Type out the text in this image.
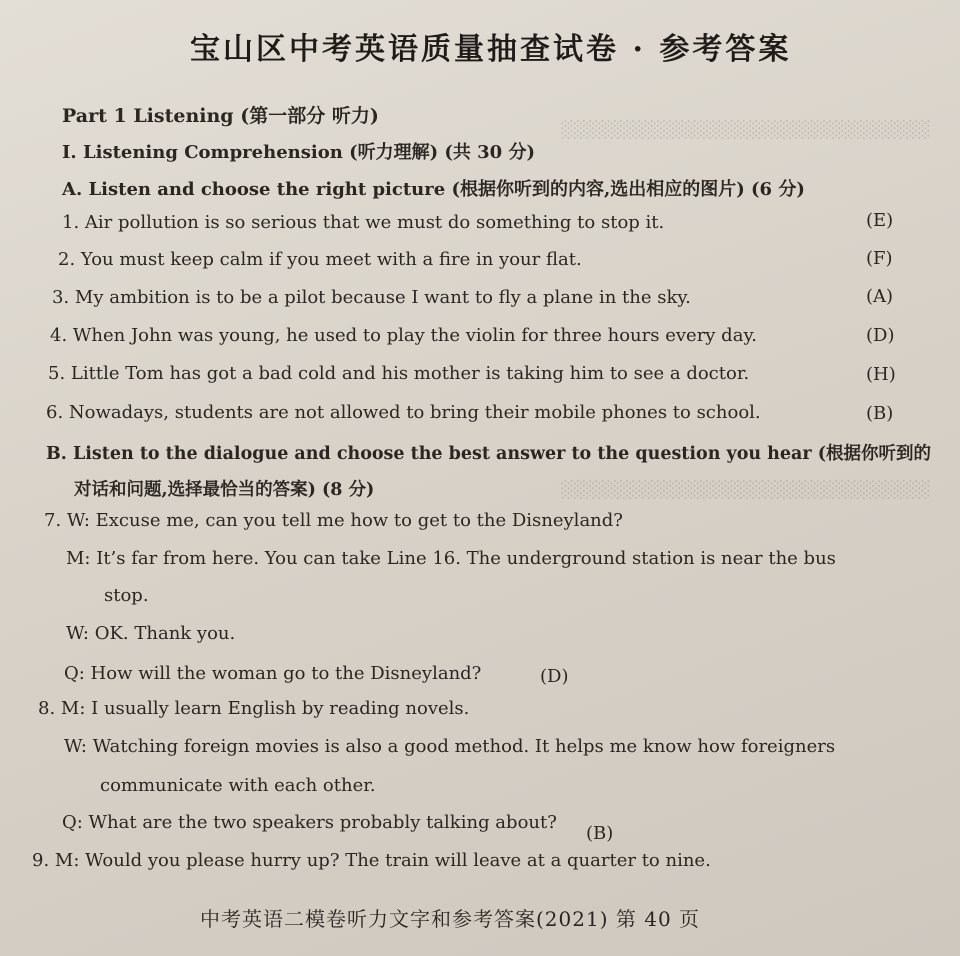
░░░░░░░░░░░░░░░░░░░░░░░░░░░░░░
░░░░░░░░░░░░░░░░░░░░░░░░░░░░░░
宝山区中考英语质量抽查试卷 · 参考答案
Part 1 Listening (第一部分 听力)
Ⅰ. Listening Comprehension (听力理解) (共 30 分)
A. Listen and choose the right picture (根据你听到的内容,选出相应的图片) (6 分)
1. Air pollution is so serious that we must do something to stop it.	(E)
2. You must keep calm if you meet with a fire in your flat.	(F)
3. My ambition is to be a pilot because I want to fly a plane in the sky.	(A)
4. When John was young, he used to play the violin for three hours every day.	(D)
5. Little Tom has got a bad cold and his mother is taking him to see a doctor.	(H)
6. Nowadays, students are not allowed to bring their mobile phones to school.	(B)
B. Listen to the dialogue and choose the best answer to the question you hear (根据你听到的
对话和问题,选择最恰当的答案) (8 分)
7. W: Excuse me, can you tell me how to get to the Disneyland?
M: It’s far from here. You can take Line 16. The underground station is near the bus
stop.
W: OK. Thank you.
Q: How will the woman go to the Disneyland?	(D)
8. M: I usually learn English by reading novels.
W: Watching foreign movies is also a good method. It helps me know how foreigners
communicate with each other.
Q: What are the two speakers probably talking about?
(B)
9. M: Would you please hurry up? The train will leave at a quarter to nine.
中考英语二模卷听力文字和参考答案(2021) 第 40 页
